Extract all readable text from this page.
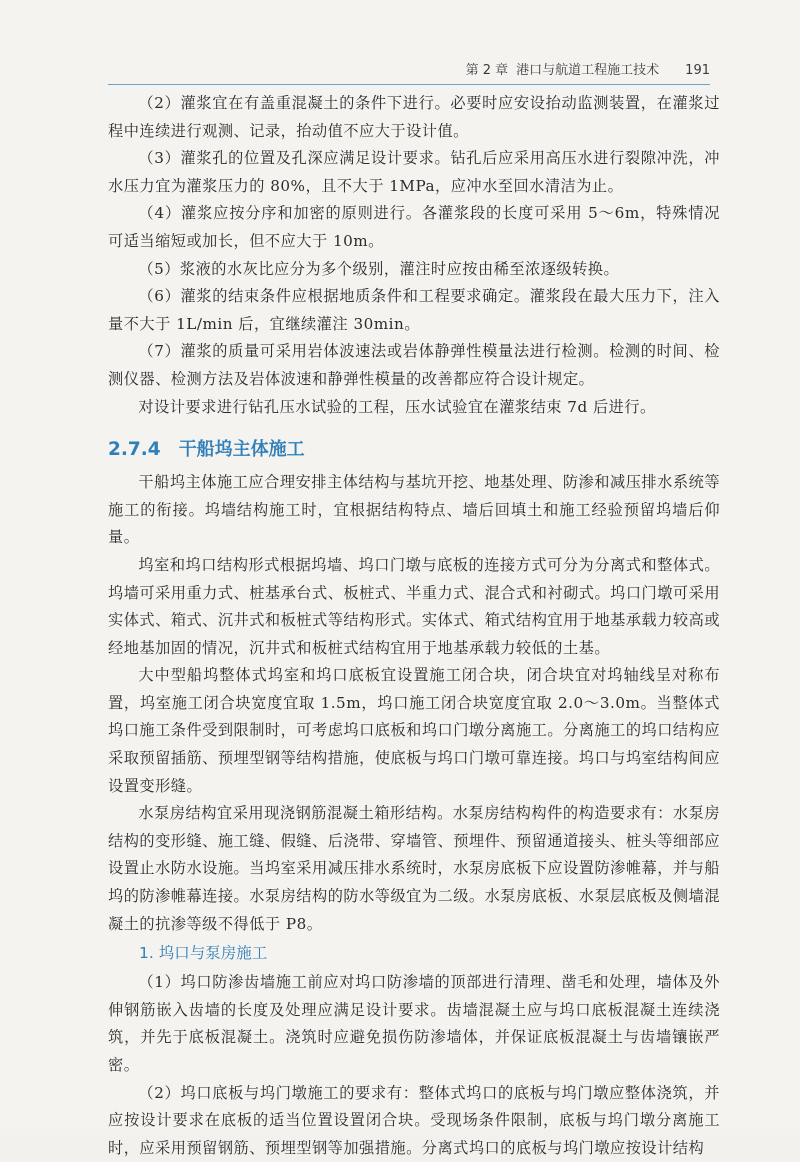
第 2 章 港口与航道工程施工技术 191

（2）灌浆宜在有盖重混凝土的条件下进行。必要时应安设抬动监测装置，在灌浆过程中连续进行观测、记录，抬动值不应大于设计值。

（3）灌浆孔的位置及孔深应满足设计要求。钻孔后应采用高压水进行裂隙冲洗，冲水压力宜为灌浆压力的 80%，且不大于 1MPa，应冲水至回水清洁为止。

（4）灌浆应按分序和加密的原则进行。各灌浆段的长度可采用 5～6m，特殊情况可适当缩短或加长，但不应大于 10m。

（5）浆液的水灰比应分为多个级别，灌注时应按由稀至浓逐级转换。

（6）灌浆的结束条件应根据地质条件和工程要求确定。灌浆段在最大压力下，注入量不大于 1L/min 后，宜继续灌注 30min。

（7）灌浆的质量可采用岩体波速法或岩体静弹性模量法进行检测。检测的时间、检测仪器、检测方法及岩体波速和静弹性模量的改善都应符合设计规定。

对设计要求进行钻孔压水试验的工程，压水试验宜在灌浆结束 7d 后进行。

2.7.4 干船坞主体施工

干船坞主体施工应合理安排主体结构与基坑开挖、地基处理、防渗和减压排水系统等施工的衔接。坞墙结构施工时，宜根据结构特点、墙后回填土和施工经验预留坞墙后仰量。

坞室和坞口结构形式根据坞墙、坞口门墩与底板的连接方式可分为分离式和整体式。坞墙可采用重力式、桩基承台式、板桩式、半重力式、混合式和衬砌式。坞口门墩可采用实体式、箱式、沉井式和板桩式等结构形式。实体式、箱式结构宜用于地基承载力较高或经地基加固的情况，沉井式和板桩式结构宜用于地基承载力较低的土基。

大中型船坞整体式坞室和坞口底板宜设置施工闭合块，闭合块宜对坞轴线呈对称布置，坞室施工闭合块宽度宜取 1.5m，坞口施工闭合块宽度宜取 2.0～3.0m。当整体式坞口施工条件受到限制时，可考虑坞口底板和坞口门墩分离施工。分离施工的坞口结构应采取预留插筋、预埋型钢等结构措施，使底板与坞口门墩可靠连接。坞口与坞室结构间应设置变形缝。

水泵房结构宜采用现浇钢筋混凝土箱形结构。水泵房结构构件的构造要求有：水泵房结构的变形缝、施工缝、假缝、后浇带、穿墙管、预埋件、预留通道接头、桩头等细部应设置止水防水设施。当坞室采用减压排水系统时，水泵房底板下应设置防渗帷幕，并与船坞的防渗帷幕连接。水泵房结构的防水等级宜为二级。水泵房底板、水泵层底板及侧墙混凝土的抗渗等级不得低于 P8。

1. 坞口与泵房施工

（1）坞口防渗齿墙施工前应对坞口防渗墙的顶部进行清理、凿毛和处理，墙体及外伸钢筋嵌入齿墙的长度及处理应满足设计要求。齿墙混凝土应与坞口底板混凝土连续浇筑，并先于底板混凝土。浇筑时应避免损伤防渗墙体，并保证底板混凝土与齿墙镶嵌严密。

（2）坞口底板与坞门墩施工的要求有：整体式坞口的底板与坞门墩应整体浇筑，并应按设计要求在底板的适当位置设置闭合块。受现场条件限制，底板与坞门墩分离施工时，应采用预留钢筋、预埋型钢等加强措施。分离式坞口的底板与坞门墩应按设计结构
